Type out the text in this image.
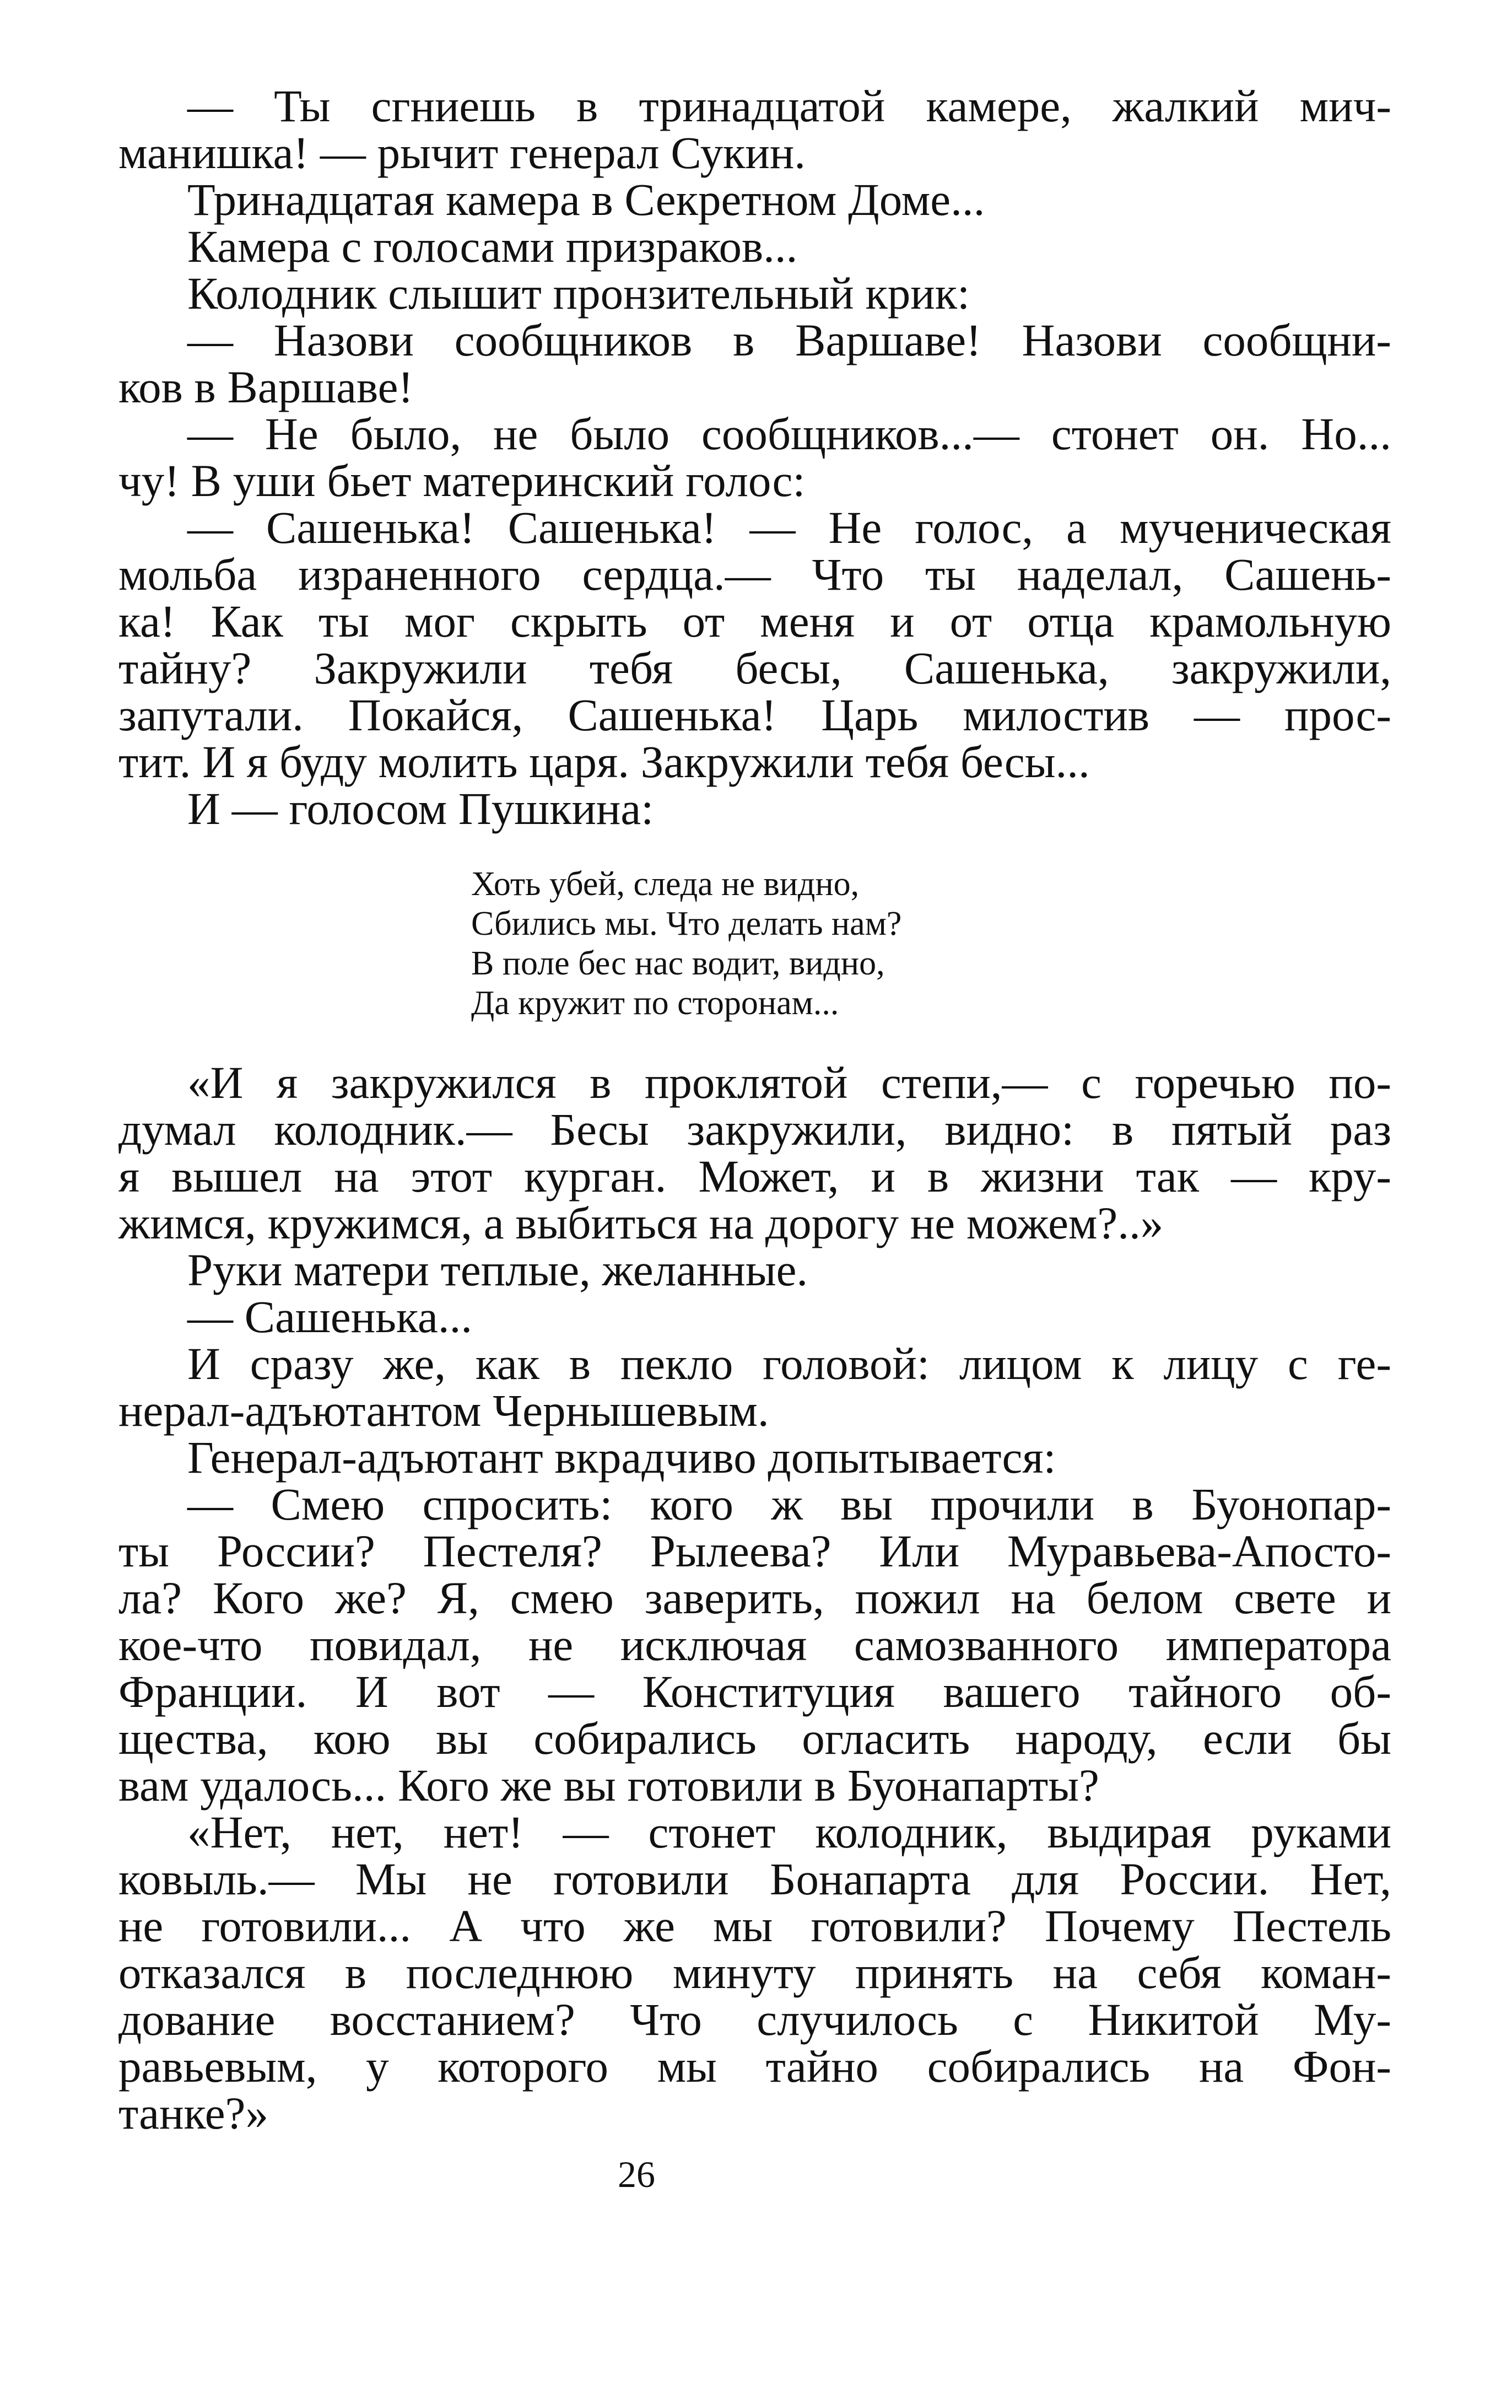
— Ты сгниешь в тринадцатой камере, жалкий мич-
манишка! — рычит генерал Сукин.

Тринадцатая камера в Секретном Доме...

Камера с голосами призраков...

Колодник слышит пронзительный крик:

— Назови сообщников в Варшаве! Назови сообщни-
ков в Варшаве!

— Не было, не было сообщников...— стонет он. Но...
чу! В уши бьет материнский голос:

— Сашенька! Сашенька! — Не голос, а мученическая
мольба израненного сердца.— Что ты наделал, Сашень-
ка! Как ты мог скрыть от меня и от отца крамольную
тайну? Закружили тебя бесы, Сашенька, закружили,
запутали. Покайся, Сашенька! Царь милостив — прос-
тит. И я буду молить царя. Закружили тебя бесы...

И — голосом Пушкина:

Хоть убей, следа не видно,
Сбились мы. Что делать нам?
В поле бес нас водит, видно,
Да кружит по сторонам...

«И я закружился в проклятой степи,— с горечью по-
думал колодник.— Бесы закружили, видно: в пятый раз
я вышел на этот курган. Может, и в жизни так — кру-
жимся, кружимся, а выбиться на дорогу не можем?..»

Руки матери теплые, желанные.

— Сашенька...

И сразу же, как в пекло головой: лицом к лицу с ге-
нерал-адъютантом Чернышевым.

Генерал-адъютант вкрадчиво допытывается:

— Смею спросить: кого ж вы прочили в Буонопар-
ты России? Пестеля? Рылеева? Или Муравьева-Апосто-
ла? Кого же? Я, смею заверить, пожил на белом свете и
кое-что повидал, не исключая самозванного императора
Франции. И вот — Конституция вашего тайного об-
щества, кою вы собирались огласить народу, если бы
вам удалось... Кого же вы готовили в Буонапарты?

«Нет, нет, нет! — стонет колодник, выдирая руками
ковыль.— Мы не готовили Бонапарта для России. Нет,
не готовили... А что же мы готовили? Почему Пестель
отказался в последнюю минуту принять на себя коман-
дование восстанием? Что случилось с Никитой Му-
равьевым, у которого мы тайно собирались на Фон-
танке?»

26
